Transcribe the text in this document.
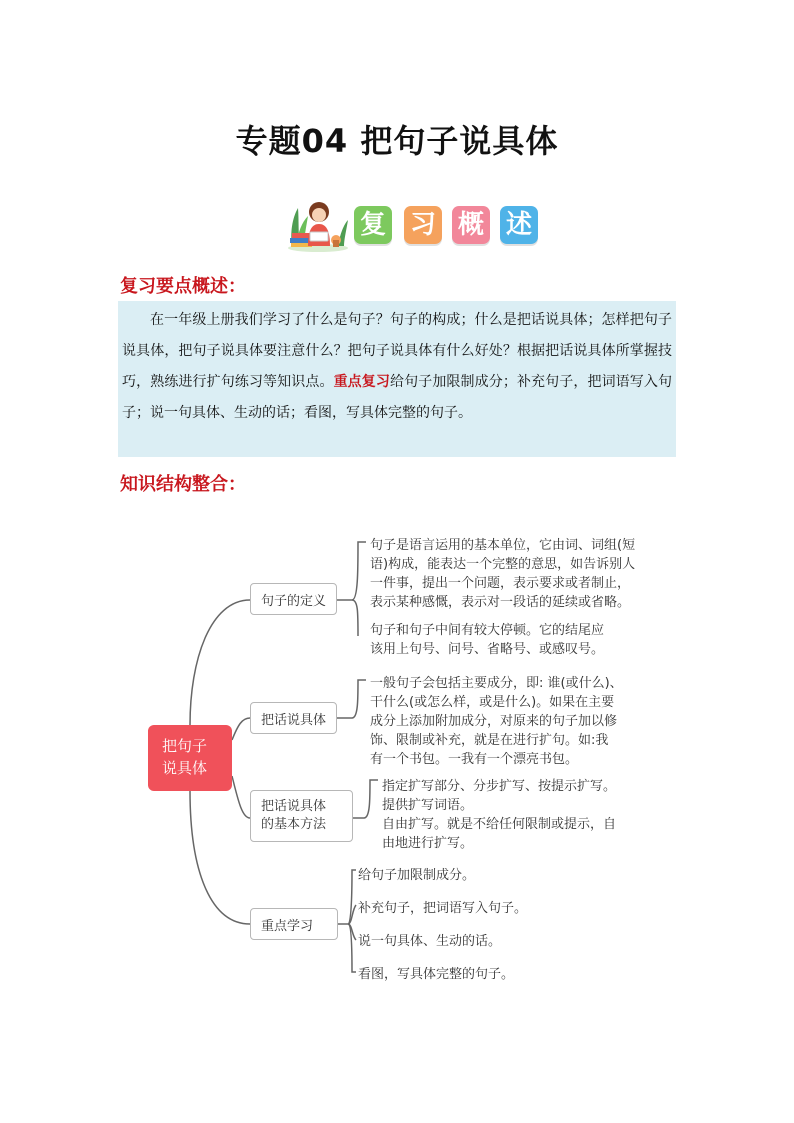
专题04 把句子说具体
复 习 概 述
复习要点概述：

在一年级上册我们学习了什么是句子？句子的构成；什么是把话说具体；怎样把句子说具体，把句子说具体要注意什么？把句子说具体有什么好处？根据把话说具体所掌握技巧，熟练进行扩句练习等知识点。重点复习给句子加限制成分；补充句子，把词语写入句子；说一句具体、生动的话；看图，写具体完整的句子。

知识结构整合：
把句子
说具体
句子的定义
把话说具体
把话说具体
的基本方法
重点学习
句子是语言运用的基本单位，它由词、词组(短
语)构成，能表达一个完整的意思，如告诉别人
一件事，提出一个问题，表示要求或者制止，
表示某种感慨，表示对一段话的延续或省略。
句子和句子中间有较大停顿。它的结尾应
该用上句号、问号、省略号、或感叹号。
一般句子会包括主要成分，即: 谁(或什么)、
干什么(或怎么样，或是什么)。如果在主要
成分上添加附加成分，对原来的句子加以修
饰、限制或补充，就是在进行扩句。如:我
有一个书包。一我有一个漂亮书包。
指定扩写部分、分步扩写、按提示扩写。
提供扩写词语。
自由扩写。就是不给任何限制或提示，自
由地进行扩写。
给句子加限制成分。
补充句子，把词语写入句子。
说一句具体、生动的话。
看图，写具体完整的句子。
